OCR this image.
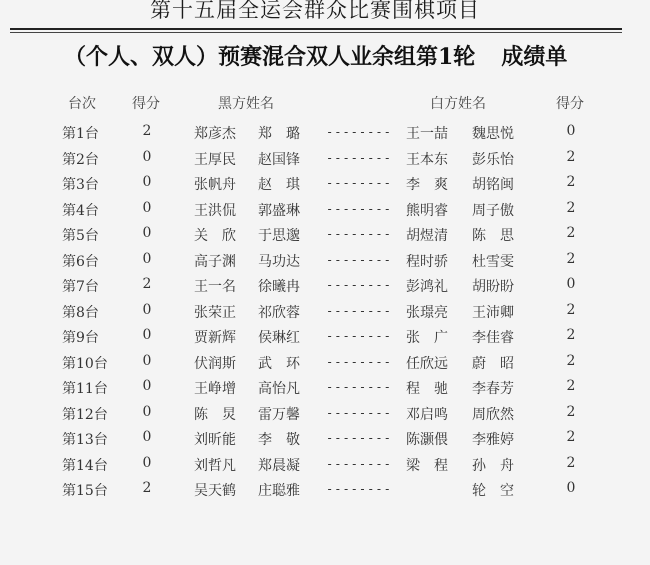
第十五届全运会群众比赛围棋项目
（个人、双人）预赛混合双人业余组第1轮 成绩单
台次	得分	黑方姓名	白方姓名	得分
第1台	2	郑彦杰 郑　璐 -------- 王一喆 魏思悦	0
第2台	0	王厚民 赵国锋 -------- 王本东 彭乐怡	2
第3台	0	张帆舟 赵　琪 -------- 李　爽 胡铭闽	2
第4台	0	王洪侃 郭盛琳 -------- 熊明睿 周子傲	2
第5台	0	关　欣 于思邈 -------- 胡煜清 陈　思	2
第6台	0	高子渊 马功达 -------- 程时骄 杜雪雯	2
第7台	2	王一名 徐曦冉 -------- 彭鸿礼 胡盼盼	0
第8台	0	张荣正 祁欣蓉 -------- 张璟亮 王沛卿	2
第9台	0	贾新辉 侯琳红 -------- 张　广 李佳睿	2
第10台	0	伏润斯 武　环 -------- 任欣远 蔚　昭	2
第11台	0	王峥增 高怡凡 -------- 程　驰 李春芳	2
第12台	0	陈　炅 雷万馨 -------- 邓启鸣 周欣然	2
第13台	0	刘昕能 李　敬 -------- 陈灏偎 李雅婷	2
第14台	0	刘哲凡 郑晨凝 -------- 梁　程 孙　舟	2
第15台	2	吴天鹤 庄聪雅 --------	轮　空	0
